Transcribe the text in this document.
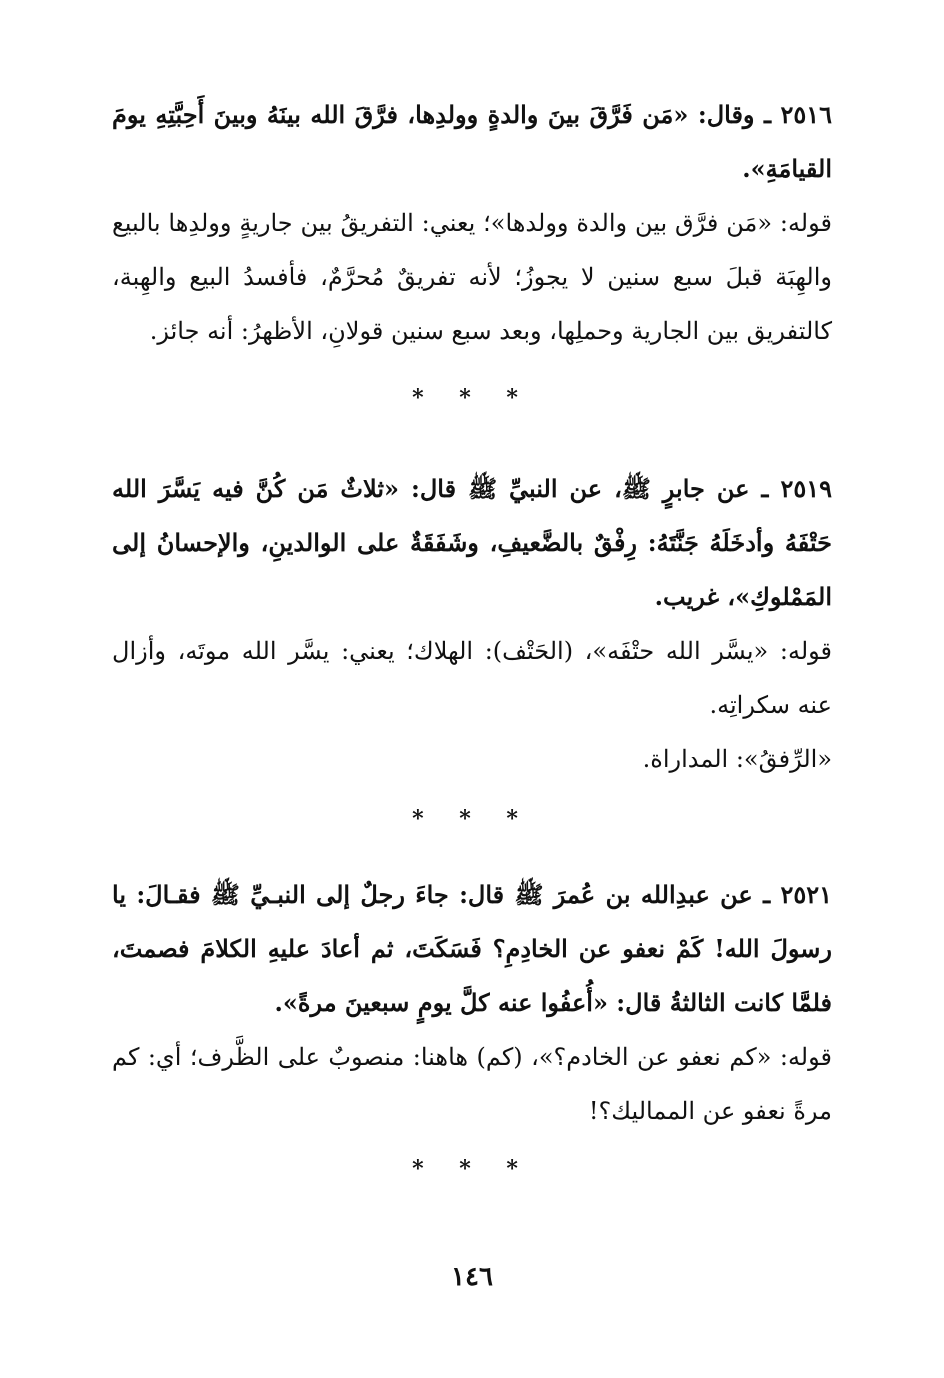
٢٥١٦ ـ وقال: «مَن فَرَّقَ بينَ والدةٍ وولدِها، فرَّقَ الله بينَهُ وبينَ أَحِبَّتِهِ يومَ القيامَةِ».

قوله: «مَن فرَّق بين والدة وولدها»؛ يعني: التفريقُ بين جاريةٍ وولدِها بالبيع والهِبَة قبلَ سبع سنين لا يجوزُ؛ لأنه تفريقٌ مُحرَّمٌ، فأفسدُ البيع والهِبة، كالتفريق بين الجارية وحملِها، وبعد سبع سنين قولانِ، الأظهرُ: أنه جائز.

* * *

٢٥١٩ ـ عن جابرٍ ﷺ، عن النبيِّ ﷺ قال: «ثلاثٌ مَن كُنَّ فيه يَسَّرَ الله حَتْفَهُ وأدخَلَهُ جَنَّتَهُ: رِفْقٌ بالضَّعيفِ، وشَفَقَةٌ على الوالدينِ، والإحسانُ إلى المَمْلوكِ»، غريب.

قوله: «يسَّر الله حتْفَه»، (الحَتْف): الهلاك؛ يعني: يسَّر الله موتَه، وأزال عنه سكراتِه.

«الرِّفقُ»: المداراة.

* * *

٢٥٢١ ـ عن عبدِالله بن عُمرَ ﷺ قال: جاءَ رجلٌ إلى النبـيِّ ﷺ فقـالَ: يا رسولَ الله! كَمْ نعفو عن الخادِمِ؟ فَسَكَتَ، ثم أعادَ عليهِ الكلامَ فصمتَ، فلمَّا كانت الثالثةُ قال: «أُعفُوا عنه كلَّ يومٍ سبعينَ مرةً».

قوله: «كم نعفو عن الخادم؟»، (كم) هاهنا: منصوبٌ على الظَّرف؛ أي: كم مرةً نعفو عن المماليك؟!

* * *
١٤٦
